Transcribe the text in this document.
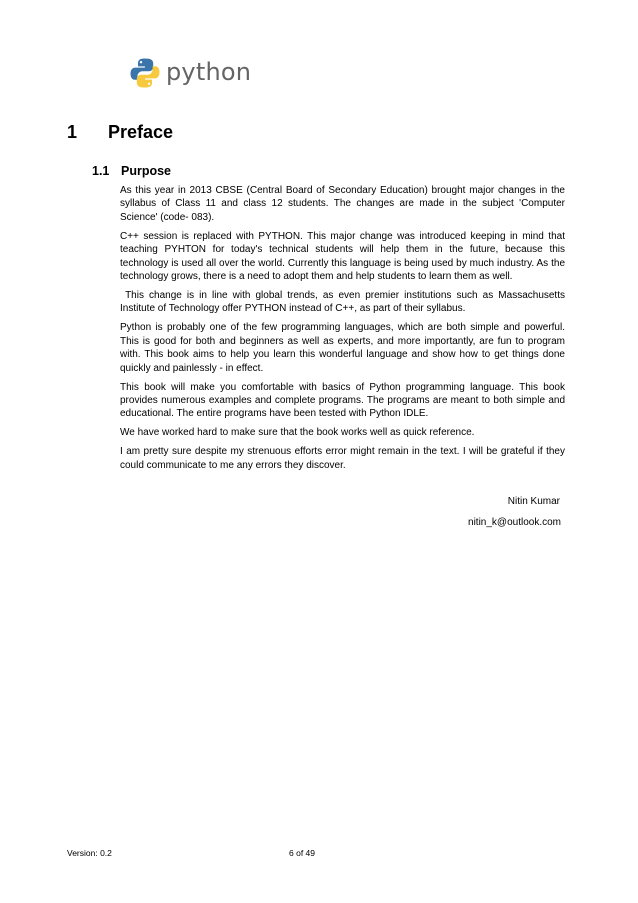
python
1 Preface
1.1 Purpose

As this year in 2013 CBSE (Central Board of Secondary Education) brought major changes in the syllabus of Class 11 and class 12 students. The changes are made in the subject 'Computer Science' (code- 083).

C++ session is replaced with PYTHON. This major change was introduced keeping in mind that teaching PYHTON for today's technical students will help them in the future, because this technology is used all over the world. Currently this language is being used by much industry. As the technology grows, there is a need to adopt them and help students to learn them as well.

This change is in line with global trends, as even premier institutions such as Massachusetts Institute of Technology offer PYTHON instead of C++, as part of their syllabus.

Python is probably one of the few programming languages, which are both simple and powerful. This is good for both and beginners as well as experts, and more importantly, are fun to program with. This book aims to help you learn this wonderful language and show how to get things done quickly and painlessly - in effect.

This book will make you comfortable with basics of Python programming language. This book provides numerous examples and complete programs. The programs are meant to both simple and educational. The entire programs have been tested with Python IDLE.

We have worked hard to make sure that the book works well as quick reference.

I am pretty sure despite my strenuous efforts error might remain in the text. I will be grateful if they could communicate to me any errors they discover.

Nitin Kumar
nitin_k@outlook.com
Version: 0.2	6 of 49
